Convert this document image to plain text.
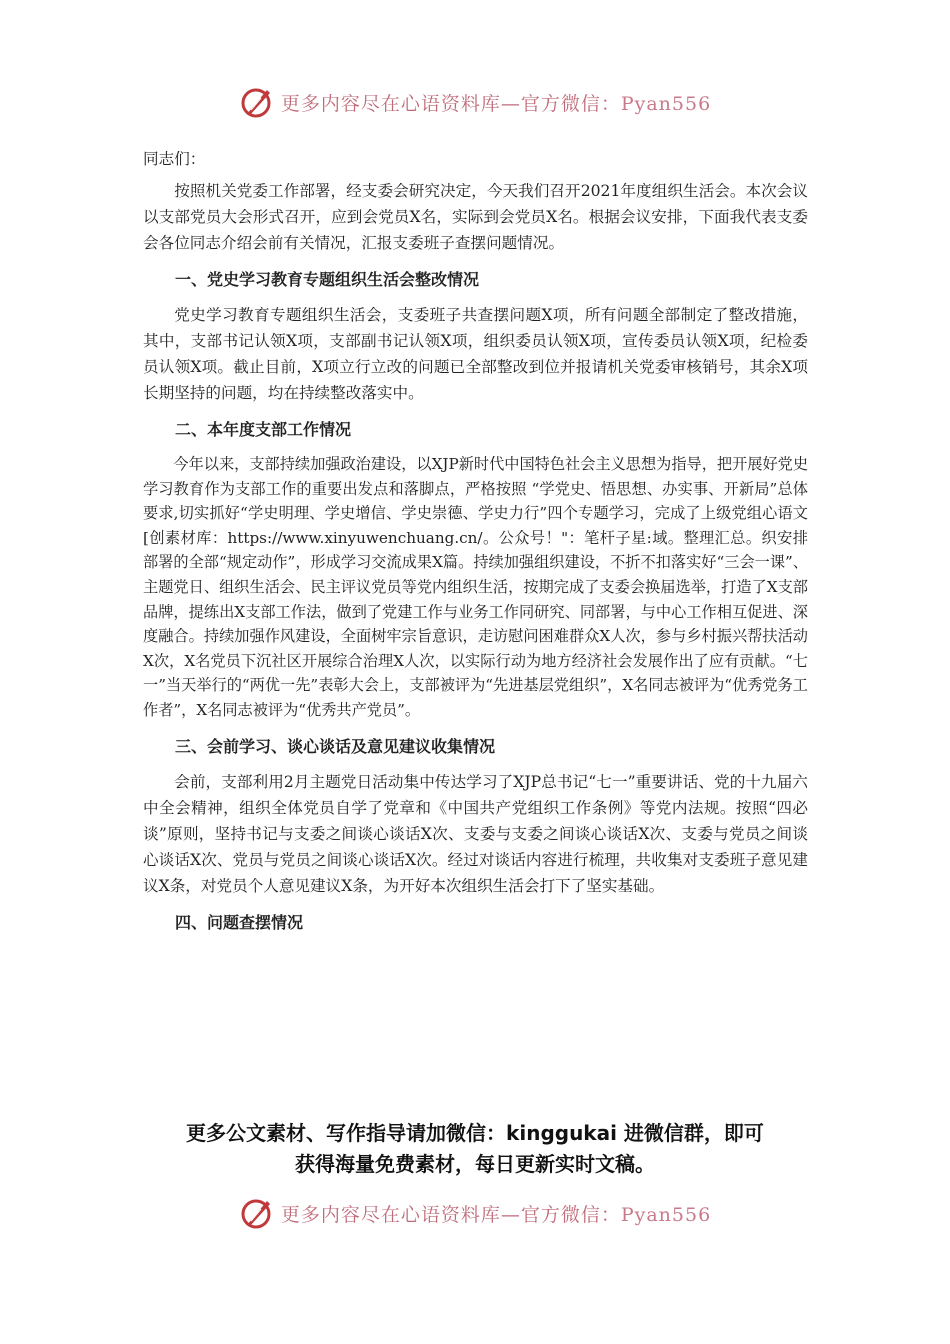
更多内容尽在心语资料库—官方微信：Pyan556

同志们：

按照机关党委工作部署，经支委会研究决定，今天我们召开2021年度组织生活会。本次会议以支部党员大会形式召开，应到会党员X名，实际到会党员X名。根据会议安排，下面我代表支委会各位同志介绍会前有关情况，汇报支委班子查摆问题情况。

一、党史学习教育专题组织生活会整改情况

党史学习教育专题组织生活会，支委班子共查摆问题X项，所有问题全部制定了整改措施，其中，支部书记认领X项，支部副书记认领X项，组织委员认领X项，宣传委员认领X项，纪检委员认领X项。截止目前，X项立行立改的问题已全部整改到位并报请机关党委审核销号，其余X项长期坚持的问题，均在持续整改落实中。

二、本年度支部工作情况

今年以来，支部持续加强政治建设，以XJP新时代中国特色社会主义思想为指导，把开展好党史学习教育作为支部工作的重要出发点和落脚点，严格按照 “学党史、悟思想、办实事、开新局”总体要求,切实抓好“学史明理、学史增信、学史崇德、学史力行”四个专题学习，完成了上级党组心语文[创素材库：https://www.xinyuwenchuang.cn/。公众号！"：笔杆子星:域。整理汇总。织安排部署的全部“规定动作”，形成学习交流成果X篇。持续加强组织建设，不折不扣落实好“三会一课”、主题党日、组织生活会、民主评议党员等党内组织生活，按期完成了支委会换届选举，打造了X支部品牌，提练出X支部工作法，做到了党建工作与业务工作同研究、同部署，与中心工作相互促进、深度融合。持续加强作风建设，全面树牢宗旨意识，走访慰问困难群众X人次，参与乡村振兴帮扶活动X次，X名党员下沉社区开展综合治理X人次，以实际行动为地方经济社会发展作出了应有贡献。“七一”当天举行的“两优一先”表彰大会上，支部被评为“先进基层党组织”，X名同志被评为“优秀党务工作者”，X名同志被评为“优秀共产党员”。

三、会前学习、谈心谈话及意见建议收集情况

会前，支部利用2月主题党日活动集中传达学习了XJP总书记“七一”重要讲话、党的十九届六中全会精神，组织全体党员自学了党章和《中国共产党组织工作条例》等党内法规。按照“四必谈”原则，坚持书记与支委之间谈心谈话X次、支委与支委之间谈心谈话X次、支委与党员之间谈心谈话X次、党员与党员之间谈心谈话X次。经过对谈话内容进行梳理，共收集对支委班子意见建议X条，对党员个人意见建议X条，为开好本次组织生活会打下了坚实基础。

四、问题查摆情况
更多公文素材、写作指导请加微信：kinggukai 进微信群，即可
获得海量免费素材，每日更新实时文稿。
更多内容尽在心语资料库—官方微信：Pyan556
